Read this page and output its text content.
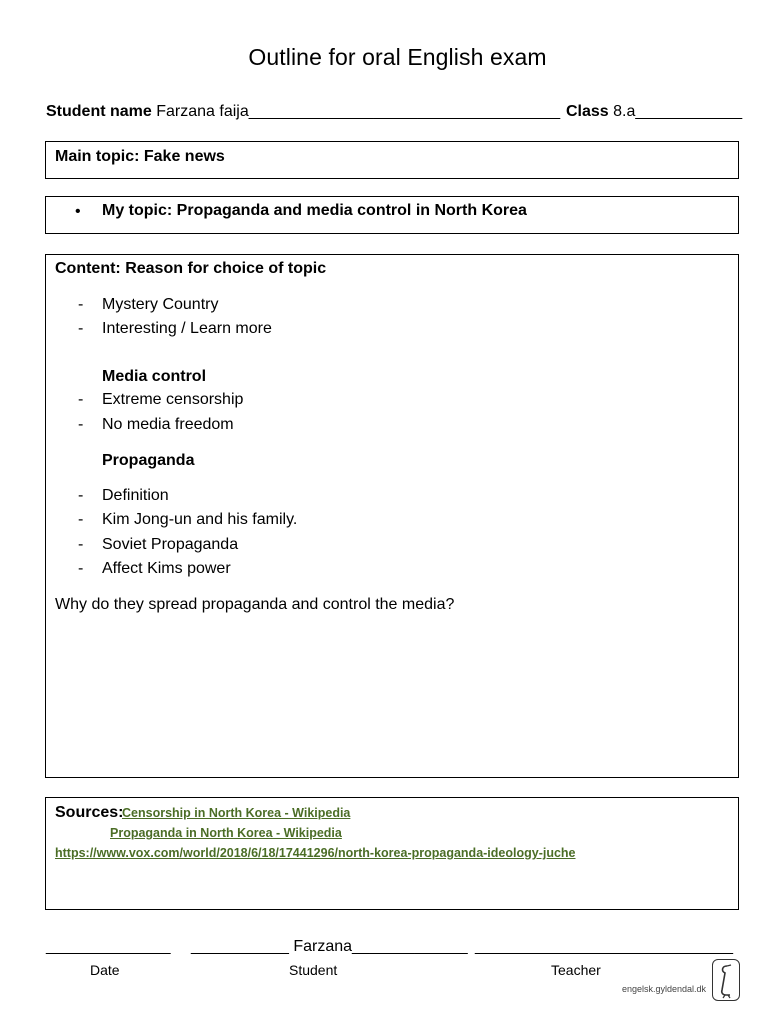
Outline for oral English exam
Student name Farzana faija___________________________________ Class 8.a____________
Main topic: Fake news
• My topic: Propaganda and media control in North Korea
Content: Reason for choice of topic
- Mystery Country
- Interesting / Learn more
Media control
- Extreme censorship
- No media freedom
Propaganda
- Definition
- Kim Jong-un and his family.
- Soviet Propaganda
- Affect Kims power
Why do they spread propaganda and control the media?
Sources:
Censorship in North Korea - Wikipedia
Propaganda in North Korea - Wikipedia
https://www.vox.com/world/2018/6/18/17441296/north-korea-propaganda-ideology-juche
______________ ___________ Farzana_____________ _____________________________
Date	Student	Teacher
engelsk.gyldendal.dk
